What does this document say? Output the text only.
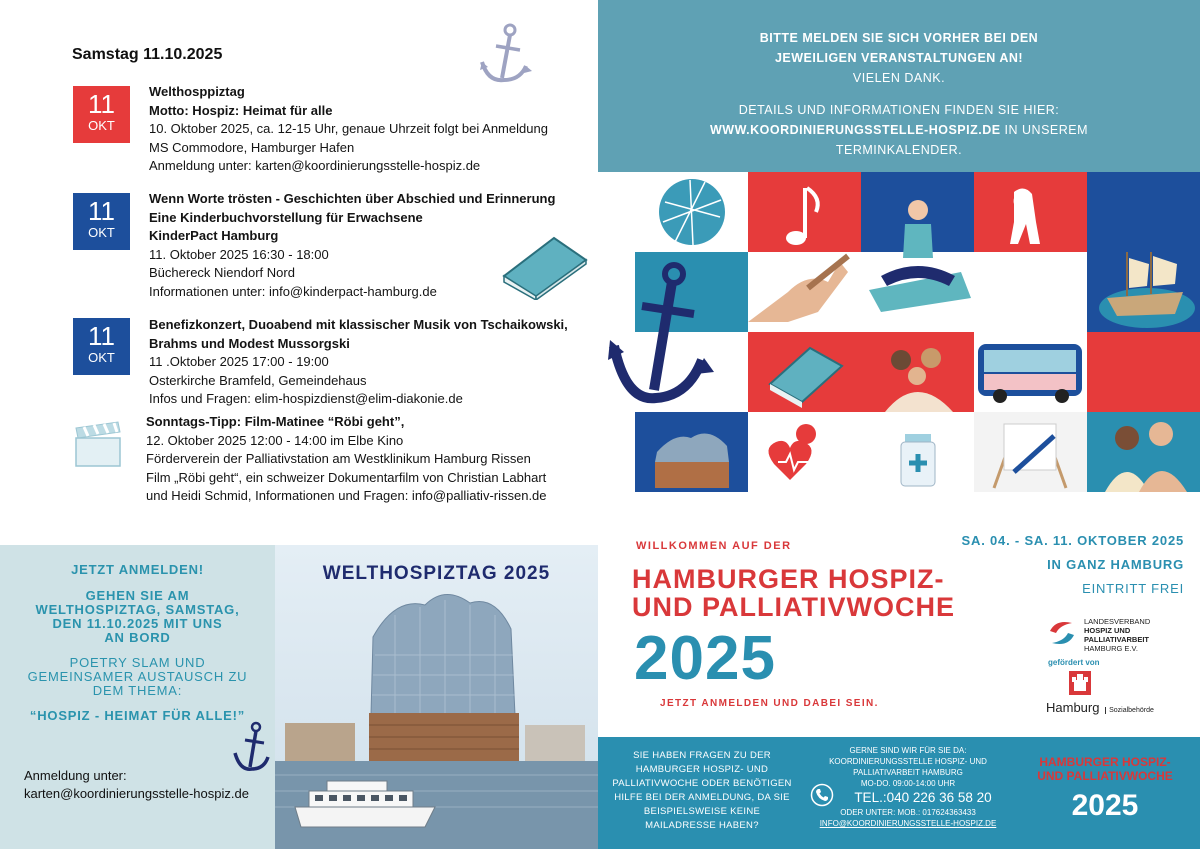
Samstag 11.10.2025
11
OKT
Welthosppiztag
Motto: Hospiz: Heimat für alle
10. Oktober 2025, ca. 12-15 Uhr, genaue Uhrzeit folgt bei Anmeldung
MS Commodore, Hamburger Hafen
Anmeldung unter: karten@koordinierungsstelle-hospiz.de
11
OKT
Wenn Worte trösten - Geschichten über Abschied und Erinnerung
Eine Kinderbuchvorstellung für Erwachsene
KinderPact Hamburg
11. Oktober 2025 16:30 - 18:00
Büchereck Niendorf Nord
Informationen unter: info@kinderpact-hamburg.de
11
OKT
Benefizkonzert, Duoabend mit klassischer Musik von Tschaikowski,
Brahms und Modest Mussorgski
11 .Oktober 2025 17:00 - 19:00
Osterkirche Bramfeld, Gemeindehaus
Infos und Fragen: elim-hospizdienst@elim-diakonie.de
Sonntags-Tipp: Film-Matinee “Röbi geht”,
12. Oktober 2025 12:00 - 14:00 im Elbe Kino
Förderverein der Palliativstation am Westklinikum Hamburg Rissen
Film „Röbi geht“, ein schweizer Dokumentarfilm von Christian Labhart
und Heidi Schmid, Informationen und Fragen: info@palliativ-rissen.de
JETZT ANMELDEN!
GEHEN SIE AM
WELTHOSPIZTAG, SAMSTAG,
DEN 11.10.2025 MIT UNS
AN BORD
POETRY SLAM UND
GEMEINSAMER AUSTAUSCH ZU
DEM THEMA:
“HOSPIZ - HEIMAT FÜR ALLE!”
Anmeldung unter:
karten@koordinierungsstelle-hospiz.de
WELTHOSPIZTAG 2025
BITTE MELDEN SIE SICH VORHER BEI DEN
JEWEILIGEN VERANSTALTUNGEN AN!
VIELEN DANK.
DETAILS UND INFORMATIONEN FINDEN SIE HIER:
WWW.KOORDINIERUNGSSTELLE-HOSPIZ.DE IN UNSEREM
TERMINKALENDER.
WILLKOMMEN AUF DER
HAMBURGER HOSPIZ-
UND PALLIATIVWOCHE
2025
JETZT ANMELDEN UND DABEI SEIN.
SA. 04. - SA. 11. OKTOBER 2025
IN GANZ HAMBURG
EINTRITT FREI
LANDESVERBAND
HOSPIZ UND PALLIATIVARBEIT
HAMBURG E.V.
gefördert von
Hamburg Sozialbehörde
SIE HABEN FRAGEN ZU DER
HAMBURGER HOSPIZ- UND
PALLIATIVWOCHE ODER BENÖTIGEN
HILFE BEI DER ANMELDUNG, DA SIE
BEISPIELSWEISE KEINE
MAILADRESSE HABEN?
GERNE SIND WIR FÜR SIE DA:
KOORDINIERUNGSSTELLE HOSPIZ- UND
PALLIATIVARBEIT HAMBURG
MO-DO. 09:00-14:00 UHR
TEL.:040 226 36 58 20
ODER UNTER: MOB.: 017624363433
INFO@KOORDINIERUNGSSTELLE-HOSPIZ.DE
HAMBURGER HOSPIZ-
UND PALLIATIVWOCHE
2025
